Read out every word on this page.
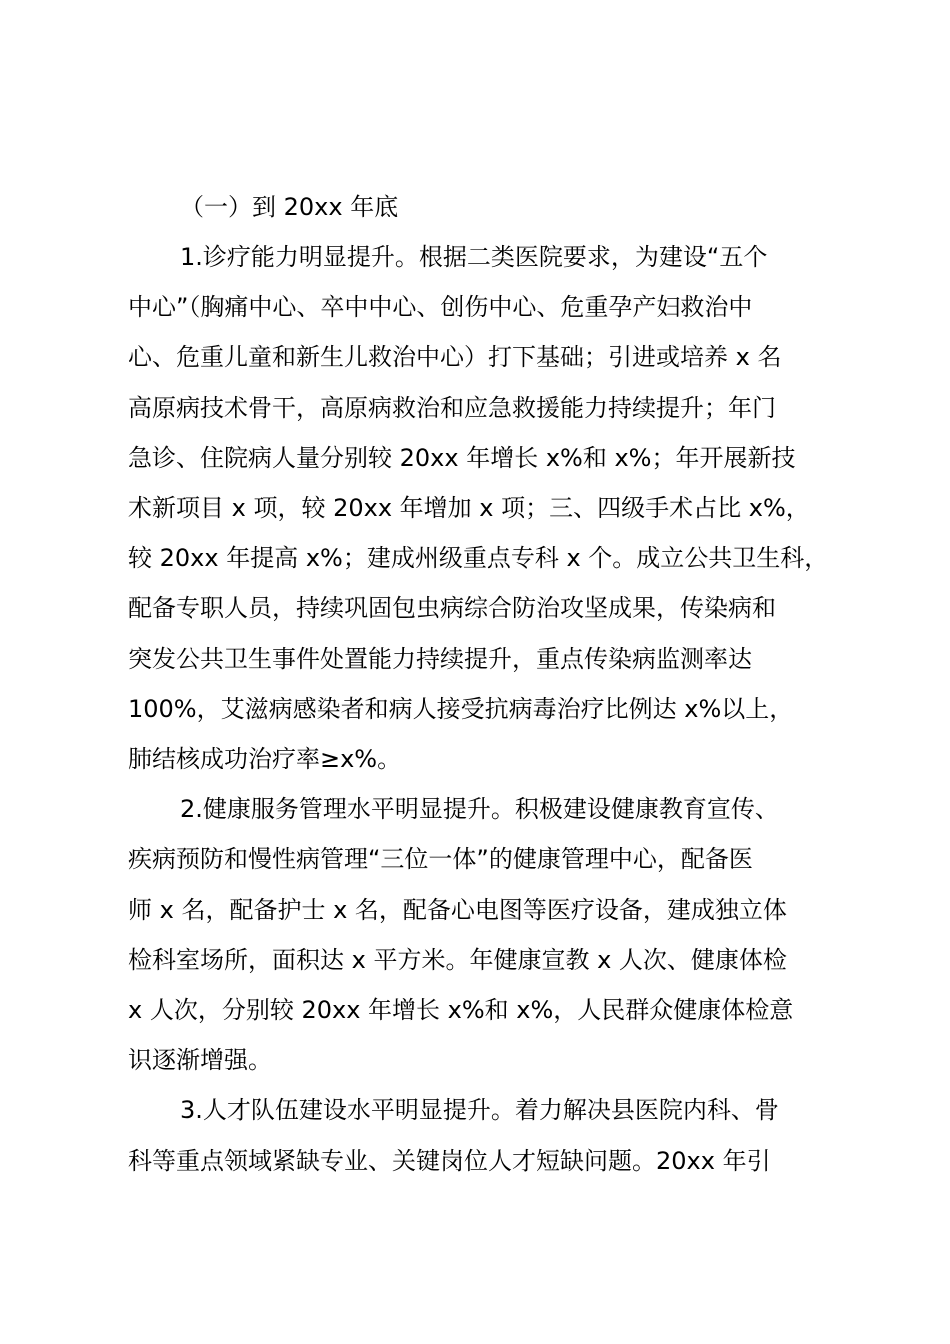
（一）到 20xx 年底
1.诊疗能力明显提升。根据二类医院要求，为建设“五个
中心”（胸痛中心、卒中中心、创伤中心、危重孕产妇救治中
心、危重儿童和新生儿救治中心）打下基础；引进或培养 x 名
高原病技术骨干，高原病救治和应急救援能力持续提升；年门
急诊、住院病人量分别较 20xx 年增长 x%和 x%；年开展新技
术新项目 x 项，较 20xx 年增加 x 项；三、四级手术占比 x%，
较 20xx 年提高 x%；建成州级重点专科 x 个。成立公共卫生科，
配备专职人员，持续巩固包虫病综合防治攻坚成果，传染病和
突发公共卫生事件处置能力持续提升，重点传染病监测率达
100%，艾滋病感染者和病人接受抗病毒治疗比例达 x%以上，
肺结核成功治疗率≥x%。
2.健康服务管理水平明显提升。积极建设健康教育宣传、
疾病预防和慢性病管理“三位一体”的健康管理中心，配备医
师 x 名，配备护士 x 名，配备心电图等医疗设备，建成独立体
检科室场所，面积达 x 平方米。年健康宣教 x 人次、健康体检
x 人次，分别较 20xx 年增长 x%和 x%，人民群众健康体检意
识逐渐增强。
3.人才队伍建设水平明显提升。着力解决县医院内科、骨
科等重点领域紧缺专业、关键岗位人才短缺问题。20xx 年引
